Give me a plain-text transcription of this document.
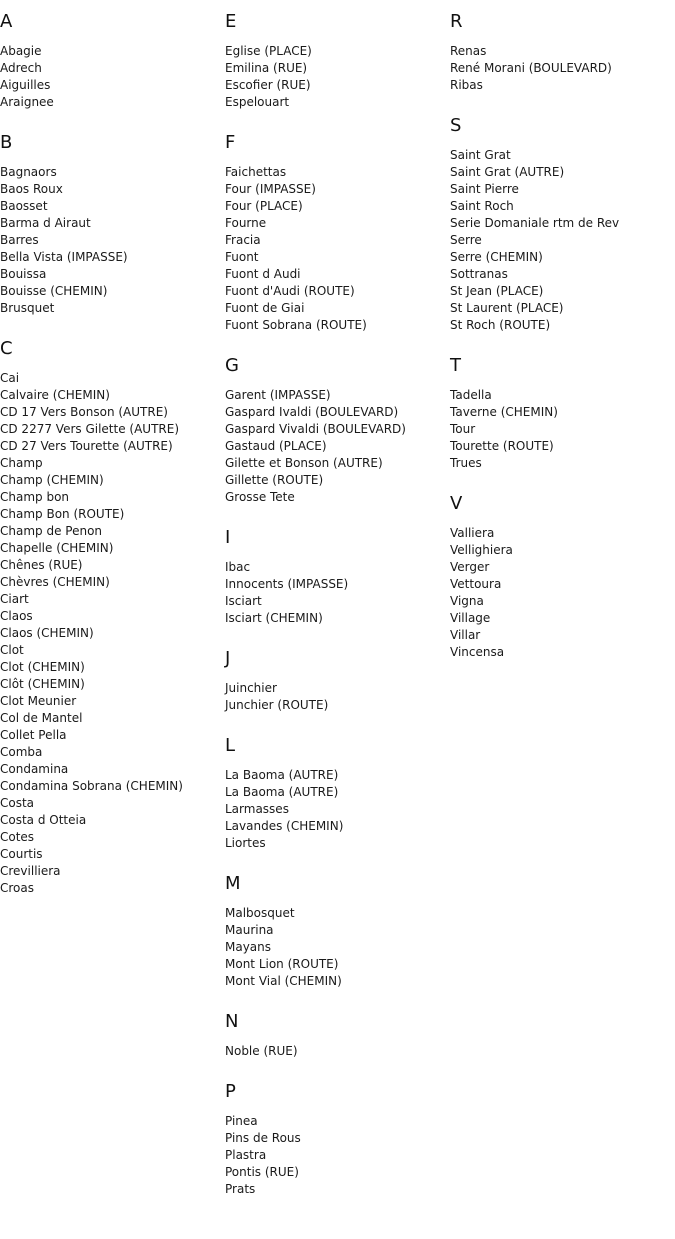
A
Abagie
Adrech
Aiguilles
Araignee
B
Bagnaors
Baos Roux
Baosset
Barma d Airaut
Barres
Bella Vista (IMPASSE)
Bouissa
Bouisse (CHEMIN)
Brusquet
C
Cai
Calvaire (CHEMIN)
CD 17 Vers Bonson (AUTRE)
CD 2277 Vers Gilette (AUTRE)
CD 27 Vers Tourette (AUTRE)
Champ
Champ (CHEMIN)
Champ bon
Champ Bon (ROUTE)
Champ de Penon
Chapelle (CHEMIN)
Chênes (RUE)
Chèvres (CHEMIN)
Ciart
Claos
Claos (CHEMIN)
Clot
Clot (CHEMIN)
Clôt (CHEMIN)
Clot Meunier
Col de Mantel
Collet Pella
Comba
Condamina
Condamina Sobrana (CHEMIN)
Costa
Costa d Otteia
Cotes
Courtis
Crevilliera
Croas
E
Eglise (PLACE)
Emilina (RUE)
Escofier (RUE)
Espelouart
F
Faichettas
Four (IMPASSE)
Four (PLACE)
Fourne
Fracia
Fuont
Fuont d Audi
Fuont d'Audi (ROUTE)
Fuont de Giai
Fuont Sobrana (ROUTE)
G
Garent (IMPASSE)
Gaspard Ivaldi (BOULEVARD)
Gaspard Vivaldi (BOULEVARD)
Gastaud (PLACE)
Gilette et Bonson (AUTRE)
Gillette (ROUTE)
Grosse Tete
I
Ibac
Innocents (IMPASSE)
Isciart
Isciart (CHEMIN)
J
Juinchier
Junchier (ROUTE)
L
La Baoma (AUTRE)
La Baoma (AUTRE)
Larmasses
Lavandes (CHEMIN)
Liortes
M
Malbosquet
Maurina
Mayans
Mont Lion (ROUTE)
Mont Vial (CHEMIN)
N
Noble (RUE)
P
Pinea
Pins de Rous
Plastra
Pontis (RUE)
Prats
R
Renas
René Morani (BOULEVARD)
Ribas
S
Saint Grat
Saint Grat (AUTRE)
Saint Pierre
Saint Roch
Serie Domaniale rtm de Rev
Serre
Serre (CHEMIN)
Sottranas
St Jean (PLACE)
St Laurent (PLACE)
St Roch (ROUTE)
T
Tadella
Taverne (CHEMIN)
Tour
Tourette (ROUTE)
Trues
V
Valliera
Vellighiera
Verger
Vettoura
Vigna
Village
Villar
Vincensa
